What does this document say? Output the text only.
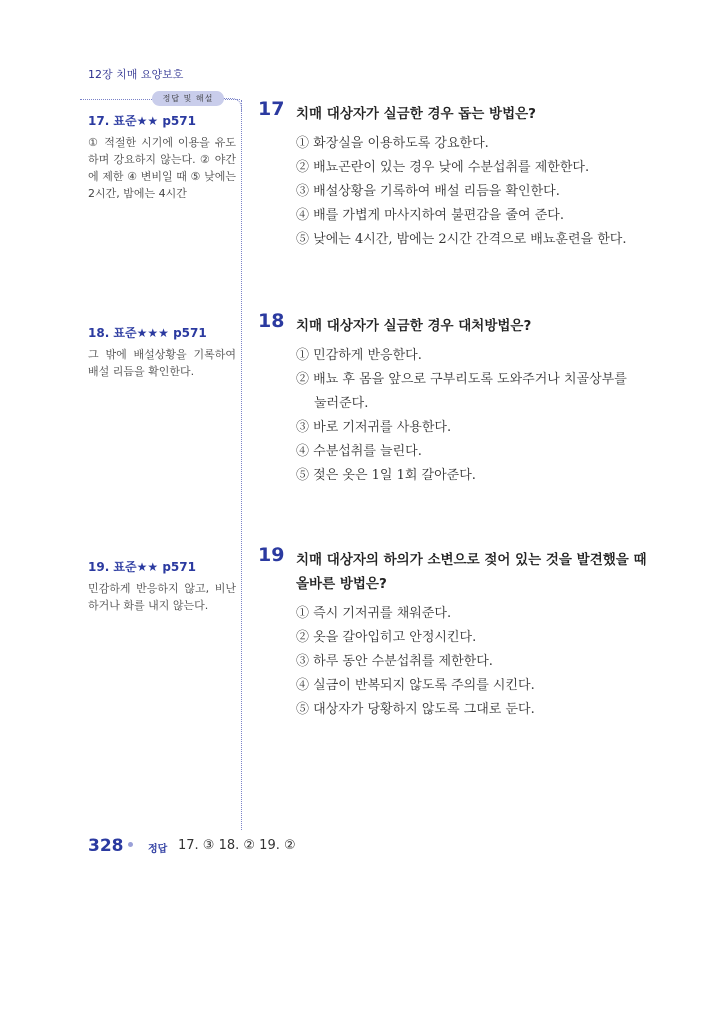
12장 치매 요양보호
정답 및 해설
17. 표준★★ p571
① 적절한 시기에 이용을 유도하며 강요하지 않는다. ② 야간에 제한 ④ 변비일 때 ⑤ 낮에는 2시간, 밤에는 4시간
18. 표준★★★ p571
그 밖에 배설상황을 기록하여 배설 리듬을 확인한다.
19. 표준★★ p571
민감하게 반응하지 않고, 비난하거나 화를 내지 않는다.
17 치매 대상자가 실금한 경우 돕는 방법은?
① 화장실을 이용하도록 강요한다.
② 배뇨곤란이 있는 경우 낮에 수분섭취를 제한한다.
③ 배설상황을 기록하여 배설 리듬을 확인한다.
④ 배를 가볍게 마사지하여 불편감을 줄여 준다.
⑤ 낮에는 4시간, 밤에는 2시간 간격으로 배뇨훈련을 한다.
18 치매 대상자가 실금한 경우 대처방법은?
① 민감하게 반응한다.
② 배뇨 후 몸을 앞으로 구부리도록 도와주거나 치골상부를
눌러준다.
③ 바로 기저귀를 사용한다.
④ 수분섭취를 늘린다.
⑤ 젖은 옷은 1일 1회 갈아준다.
19 치매 대상자의 하의가 소변으로 젖어 있는 것을 발견했을 때 올바른 방법은?
① 즉시 기저귀를 채워준다.
② 옷을 갈아입히고 안정시킨다.
③ 하루 동안 수분섭취를 제한한다.
④ 실금이 반복되지 않도록 주의를 시킨다.
⑤ 대상자가 당황하지 않도록 그대로 둔다.
328 정답 17. ③ 18. ② 19. ②
